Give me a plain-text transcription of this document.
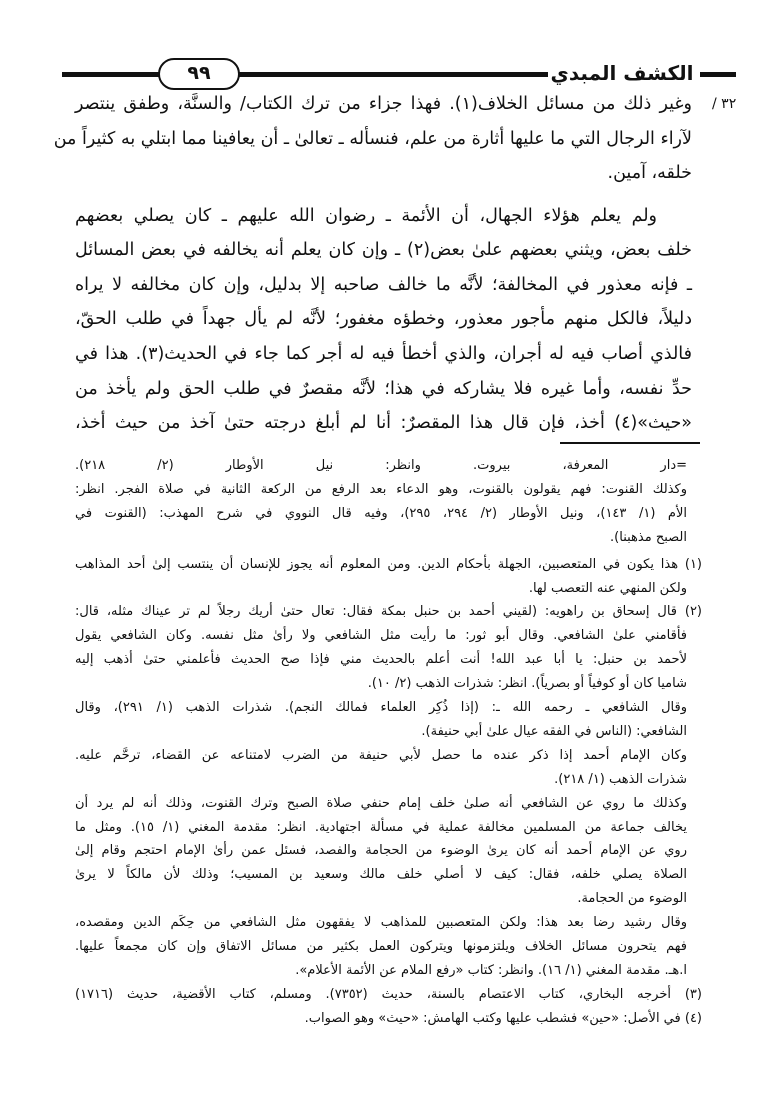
الكشف المبدي
٩٩
٣٢ /
وغير ذلك من مسائل الخلاف(١). فهذا جزاء من ترك الكتاب/ والسنَّة، وطفق ينتصر
لآراء الرجال التي ما عليها أثارة من علم، فنسأله ـ تعالىٰ ـ أن يعافينا مما ابتلي به كثيراً من
خلقه، آمين.
ولم يعلم هؤلاء الجهال، أن الأئمة ـ رضوان الله عليهم ـ كان يصلي بعضهم
خلف بعض، ويثني بعضهم علىٰ بعض(٢) ـ وإن كان يعلم أنه يخالفه في بعض المسائل
ـ فإنه معذور في المخالفة؛ لأنَّه ما خالف صاحبه إلا بدليل، وإن كان مخالفه لا يراه
دليلاً، فالكل منهم مأجور معذور، وخطؤه مغفور؛ لأنَّه لم يأل جهداً في طلب الحقّ،
فالذي أصاب فيه له أجران، والذي أخطأ فيه له أجر كما جاء في الحديث(٣). هذا في
حدِّ نفسه، وأما غيره فلا يشاركه في هذا؛ لأنَّه مقصرٌ في طلب الحق ولم يأخذ من
«حيث»(٤) أخذ، فإن قال هذا المقصرٌ: أنا لم أبلغ درجته حتىٰ آخذ من حيث أخذ،
=دار المعرفة، بيروت. وانظر: نيل الأوطار (٢/ ٢١٨).
وكذلك القنوت: فهم يقولون بالقنوت، وهو الدعاء بعد الرفع من الركعة الثانية في صلاة الفجر. انظر:
الأم (١/ ١٤٣)، ونيل الأوطار (٢/ ٢٩٤، ٢٩٥)، وفيه قال النووي في شرح المهذب: (القنوت في
الصبح مذهبنا).
(١) هذا يكون في المتعصبين، الجهلة بأحكام الدين. ومن المعلوم أنه يجوز للإنسان أن ينتسب إلىٰ أحد المذاهب
ولكن المنهي عنه التعصب لها.
(٢) قال إسحاق بن راهويه: (لقيني أحمد بن حنبل بمكة فقال: تعال حتىٰ أريك رجلاً لم تر عيناك مثله، قال:
فأقامني علىٰ الشافعي. وقال أبو ثور: ما رأيت مثل الشافعي ولا رأىٰ مثل نفسه. وكان الشافعي يقول
لأحمد بن حنبل: يا أبا عبد الله! أنت أعلم بالحديث مني فإذا صح الحديث فأعلمني حتىٰ أذهب إليه
شاميا كان أو كوفياً أو بصرياً). انظر: شذرات الذهب (٢/ ١٠).
وقال الشافعي ـ رحمه الله ـ: (إذا ذُكِر العلماء فمالك النجم). شذرات الذهب (١/ ٢٩١)، وقال
الشافعي: (الناس في الفقه عيال علىٰ أبي حنيفة).
وكان الإمام أحمد إذا ذكر عنده ما حصل لأبي حنيفة من الضرب لامتناعه عن القضاء، ترحَّم عليه.
شذرات الذهب (١/ ٢١٨).
وكذلك ما روي عن الشافعي أنه صلىٰ خلف إمام حنفي صلاة الصبح وترك القنوت، وذلك أنه لم يرد أن
يخالف جماعة من المسلمين مخالفة عملية في مسألة اجتهادية. انظر: مقدمة المغني (١/ ١٥). ومثل ما
روي عن الإمام أحمد أنه كان يرىٰ الوضوء من الحجامة والفصد، فسئل عمن رأىٰ الإمام احتجم وقام إلىٰ
الصلاة يصلي خلفه، فقال: كيف لا أصلي خلف مالك وسعيد بن المسيب؛ وذلك لأن مالكاً لا يرىٰ
الوضوء من الحجامة.
وقال رشيد رضا بعد هذا: ولكن المتعصبين للمذاهب لا يفقهون مثل الشافعي من حِكَم الدين ومقصده،
فهم يتحرون مسائل الخلاف ويلتزمونها ويتركون العمل بكثير من مسائل الاتفاق وإن كان مجمعاً عليها.
ا.هـ. مقدمة المغني (١/ ١٦). وانظر: كتاب «رفع الملام عن الأئمة الأعلام».
(٣) أخرجه البخاري، كتاب الاعتصام بالسنة، حديث (٧٣٥٢). ومسلم، كتاب الأقضية، حديث (١٧١٦)
(٤) في الأصل: «حين» فشطب عليها وكتب الهامش: «حيث» وهو الصواب.
